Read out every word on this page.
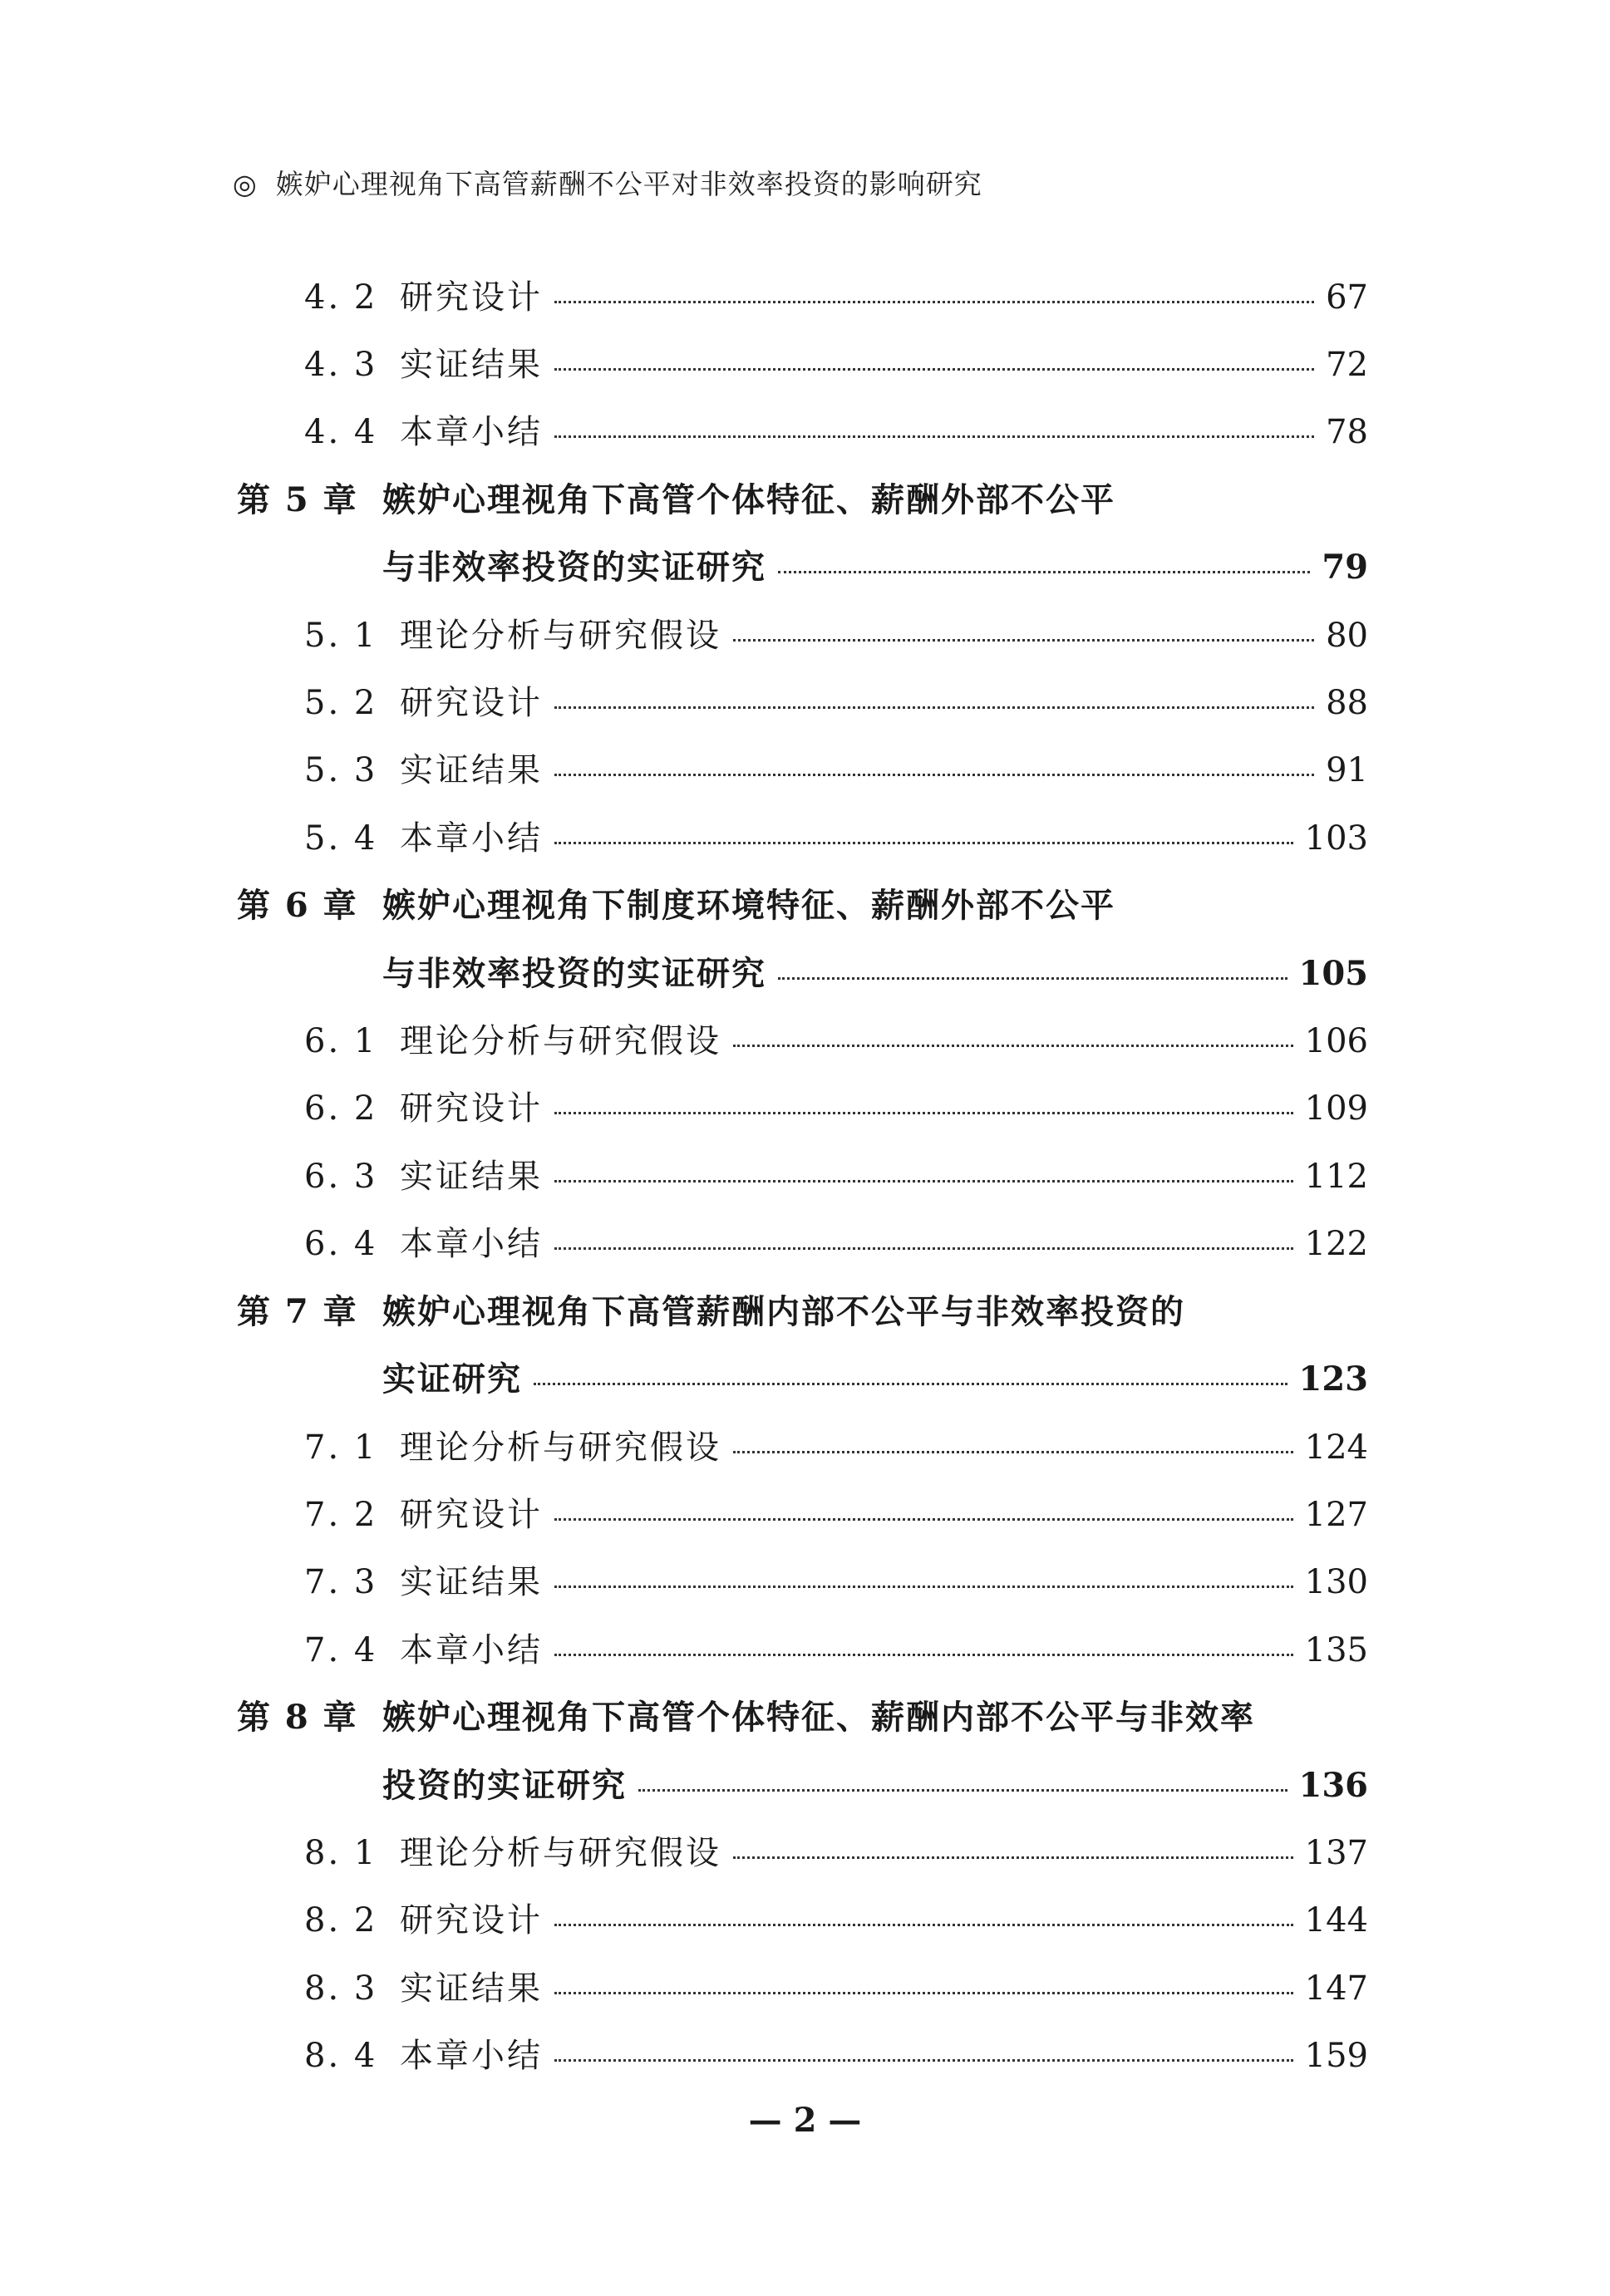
◎ 嫉妒心理视角下高管薪酬不公平对非效率投资的影响研究
4. 2 研究设计	67
4. 3 实证结果	72
4. 4 本章小结	78
第 5 章 嫉妒心理视角下高管个体特征、薪酬外部不公平
与非效率投资的实证研究	79
5. 1 理论分析与研究假设	80
5. 2 研究设计	88
5. 3 实证结果	91
5. 4 本章小结	103
第 6 章 嫉妒心理视角下制度环境特征、薪酬外部不公平
与非效率投资的实证研究	105
6. 1 理论分析与研究假设	106
6. 2 研究设计	109
6. 3 实证结果	112
6. 4 本章小结	122
第 7 章 嫉妒心理视角下高管薪酬内部不公平与非效率投资的
实证研究	123
7. 1 理论分析与研究假设	124
7. 2 研究设计	127
7. 3 实证结果	130
7. 4 本章小结	135
第 8 章 嫉妒心理视角下高管个体特征、薪酬内部不公平与非效率
投资的实证研究	136
8. 1 理论分析与研究假设	137
8. 2 研究设计	144
8. 3 实证结果	147
8. 4 本章小结	159
— 2 —
